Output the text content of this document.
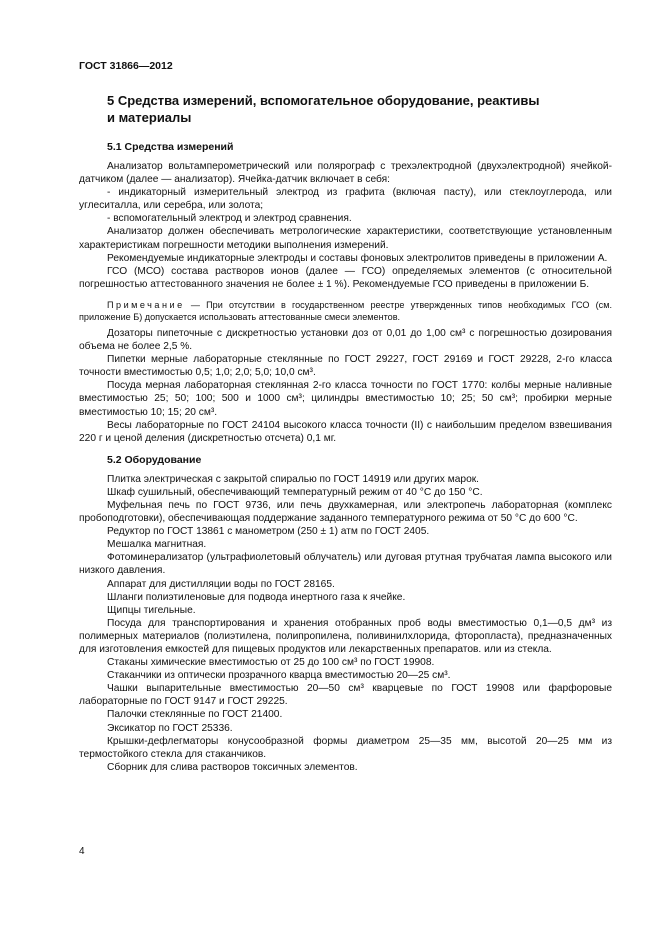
ГОСТ 31866—2012
5 Средства измерений, вспомогательное оборудование, реактивы
и материалы
5.1 Средства измерений

Анализатор вольтамперометрический или полярограф с трехэлектродной (двухэлектродной) ячейкой-датчиком (далее — анализатор). Ячейка-датчик включает в себя:

- индикаторный измерительный электрод из графита (включая пасту), или стеклоуглерода, или углеситалла, или серебра, или золота;

- вспомогательный электрод и электрод сравнения.

Анализатор должен обеспечивать метрологические характеристики, соответствующие установленным характеристикам погрешности методики выполнения измерений.

Рекомендуемые индикаторные электроды и составы фоновых электролитов приведены в приложении А.

ГСО (МСО) состава растворов ионов (далее — ГСО) определяемых элементов (с относительной погрешностью аттестованного значения не более ± 1 %). Рекомендуемые ГСО приведены в приложении Б.

Примечание — При отсутствии в государственном реестре утвержденных типов необходимых ГСО (см. приложение Б) допускается использовать аттестованные смеси элементов.

Дозаторы пипеточные с дискретностью установки доз от 0,01 до 1,00 см³ с погрешностью дозирования объема не более 2,5 %.

Пипетки мерные лабораторные стеклянные по ГОСТ 29227, ГОСТ 29169 и ГОСТ 29228, 2-го класса точности вместимостью 0,5; 1,0; 2,0; 5,0; 10,0 см³.

Посуда мерная лабораторная стеклянная 2-го класса точности по ГОСТ 1770: колбы мерные наливные вместимостью 25; 50; 100; 500 и 1000 см³; цилиндры вместимостью 10; 25; 50 см³; пробирки мерные вместимостью 10; 15; 20 см³.

Весы лабораторные по ГОСТ 24104 высокого класса точности (II) с наибольшим пределом взвешивания 220 г и ценой деления (дискретностью отсчета) 0,1 мг.

5.2 Оборудование

Плитка электрическая с закрытой спиралью по ГОСТ 14919 или других марок.

Шкаф сушильный, обеспечивающий температурный режим от 40 °С до 150 °С.

Муфельная печь по ГОСТ 9736, или печь двухкамерная, или электропечь лабораторная (комплекс пробоподготовки), обеспечивающая поддержание заданного температурного режима от 50 °С до 600 °С.

Редуктор по ГОСТ 13861 с манометром (250 ± 1) атм по ГОСТ 2405.

Мешалка магнитная.

Фотоминерализатор (ультрафиолетовый облучатель) или дуговая ртутная трубчатая лампа высокого или низкого давления.

Аппарат для дистилляции воды по ГОСТ 28165.

Шланги полиэтиленовые для подвода инертного газа к ячейке.

Щипцы тигельные.

Посуда для транспортирования и хранения отобранных проб воды вместимостью 0,1—0,5 дм³ из полимерных материалов (полиэтилена, полипропилена, поливинилхлорида, фторопласта), предназначенных для изготовления емкостей для пищевых продуктов или лекарственных препаратов. или из стекла.

Стаканы химические вместимостью от 25 до 100 см³ по ГОСТ 19908.

Стаканчики из оптически прозрачного кварца вместимостью 20—25 см³.

Чашки выпарительные вместимостью 20—50 см³ кварцевые по ГОСТ 19908 или фарфоровые лабораторные по ГОСТ 9147 и ГОСТ 29225.

Палочки стеклянные по ГОСТ 21400.

Эксикатор по ГОСТ 25336.

Крышки-дефлегматоры конусообразной формы диаметром 25—35 мм, высотой 20—25 мм из термостойкого стекла для стаканчиков.

Сборник для слива растворов токсичных элементов.

4
